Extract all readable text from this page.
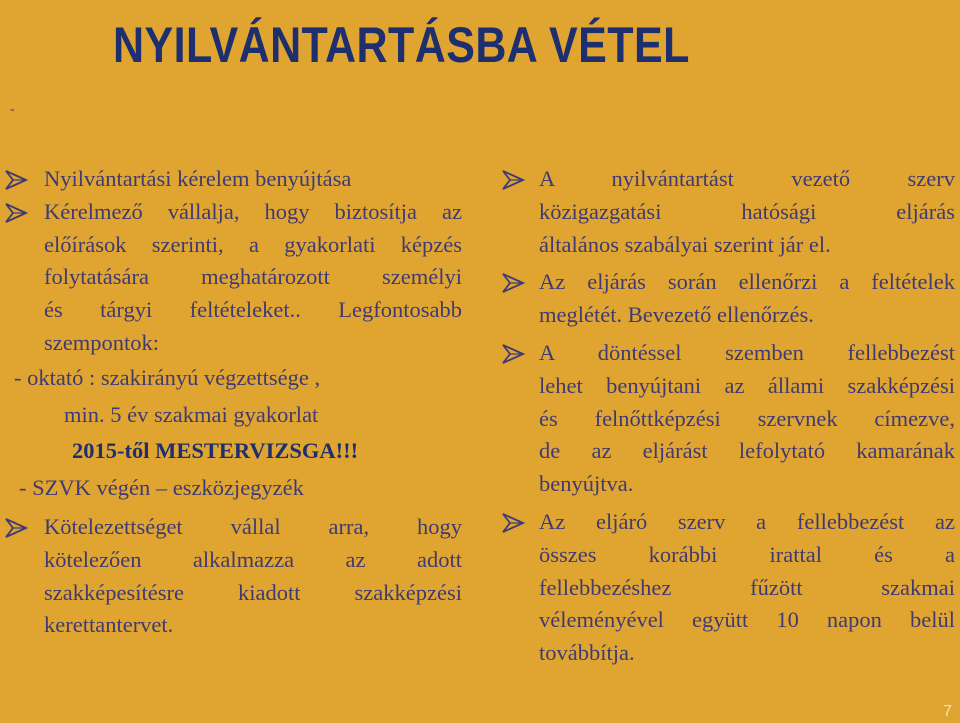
NYILVÁNTARTÁSBA VÉTEL
-
Nyilvántartási kérelem benyújtása
Kérelmező vállalja, hogy biztosítja az
előírások szerinti, a gyakorlati képzés
folytatására meghatározott személyi
és tárgyi feltételeket.. Legfontosabb
szempontok:
- oktató : szakirányú végzettsége ,
min. 5 év szakmai gyakorlat
2015-től MESTERVIZSGA!!!
- SZVK végén – eszközjegyzék
Kötelezettséget vállal arra, hogy
kötelezően alkalmazza az adott
szakképesítésre kiadott szakképzési
kerettantervet.
A nyilvántartást vezető szerv
közigazgatási hatósági eljárás
általános szabályai szerint jár el.
Az eljárás során ellenőrzi a feltételek
meglétét. Bevezető ellenőrzés.
A döntéssel szemben fellebbezést
lehet benyújtani az állami szakképzési
és felnőttképzési szervnek címezve,
de az eljárást lefolytató kamarának
benyújtva.
Az eljáró szerv a fellebbezést az
összes korábbi irattal és a
fellebbezéshez fűzött szakmai
véleményével együtt 10 napon belül
továbbítja.
7
